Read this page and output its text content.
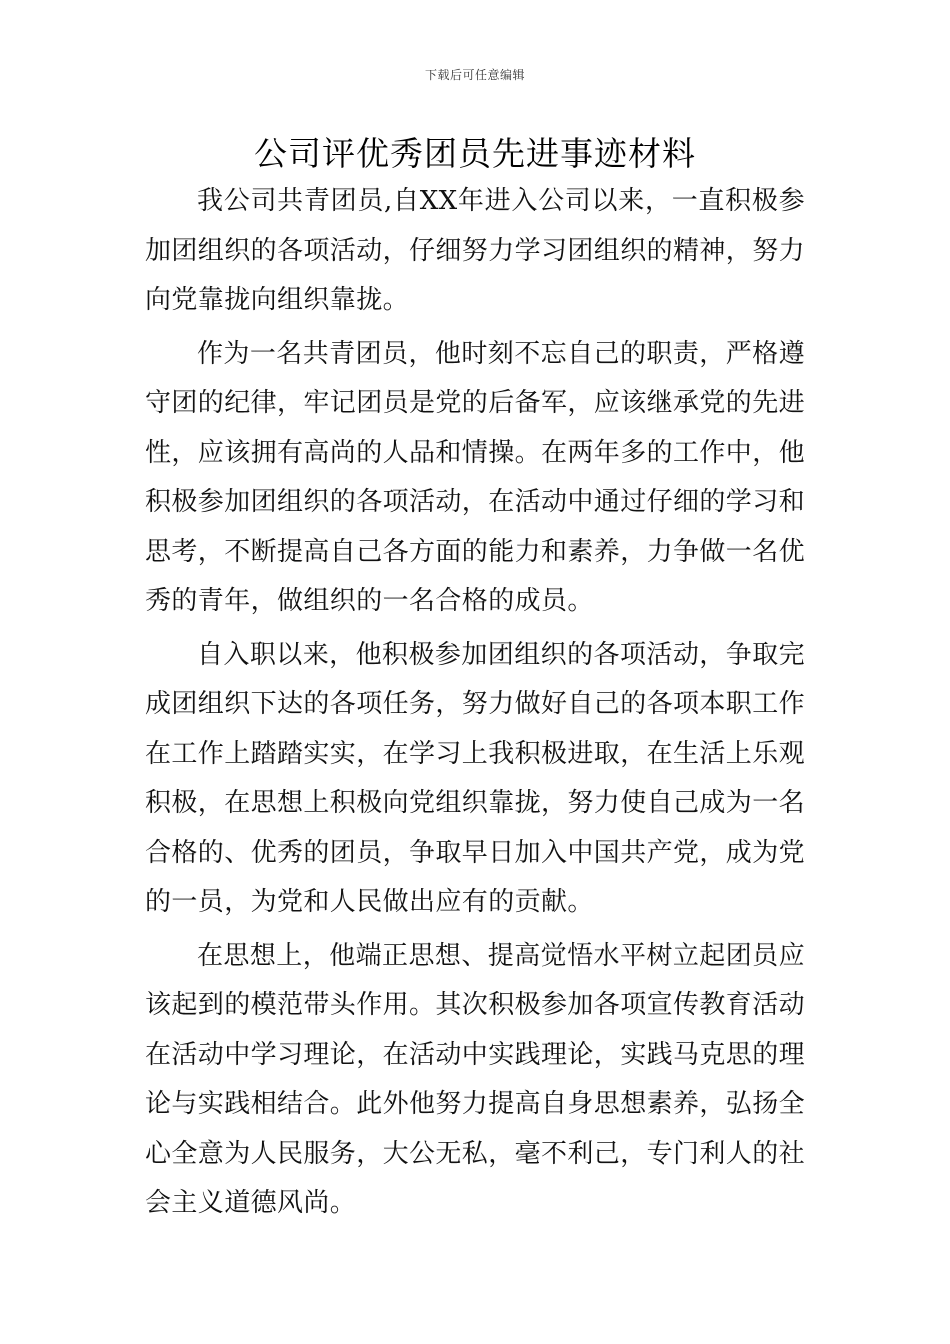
下载后可任意编辑
公司评优秀团员先进事迹材料

我公司共青团员,自XX年进入公司以来，一直积极参加团组织的各项活动，仔细努力学习团组织的精神，努力向党靠拢向组织靠拢。

作为一名共青团员，他时刻不忘自己的职责，严格遵守团的纪律，牢记团员是党的后备军，应该继承党的先进性，应该拥有高尚的人品和情操。在两年多的工作中，他积极参加团组织的各项活动，在活动中通过仔细的学习和思考，不断提高自己各方面的能力和素养，力争做一名优秀的青年，做组织的一名合格的成员。

自入职以来，他积极参加团组织的各项活动，争取完成团组织下达的各项任务，努力做好自己的各项本职工作在工作上踏踏实实，在学习上我积极进取，在生活上乐观积极，在思想上积极向党组织靠拢，努力使自己成为一名合格的、优秀的团员，争取早日加入中国共产党，成为党的一员，为党和人民做出应有的贡献。

在思想上，他端正思想、提高觉悟水平树立起团员应该起到的模范带头作用。其次积极参加各项宣传教育活动在活动中学习理论，在活动中实践理论，实践马克思的理论与实践相结合。此外他努力提高自身思想素养，弘扬全心全意为人民服务，大公无私，毫不利己，专门利人的社会主义道德风尚。
